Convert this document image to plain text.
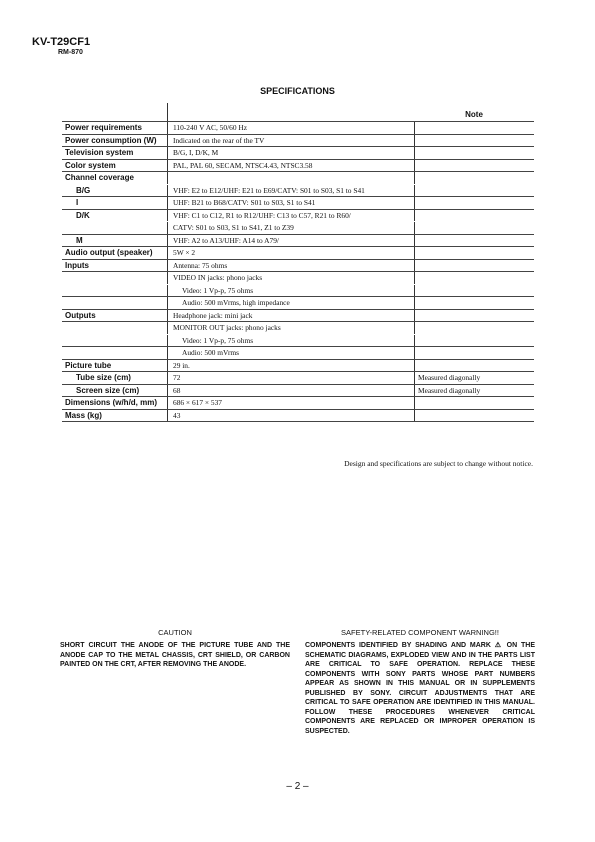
KV-T29CF1
RM-870
SPECIFICATIONS
Note
Power requirements	110-240 V AC, 50/60 Hz
Power consumption (W)	Indicated on the rear of the TV
Television system	B/G, I, D/K, M
Color system	PAL, PAL 60, SECAM, NTSC4.43, NTSC3.58
Channel coverage
B/G	VHF: E2 to E12/UHF: E21 to E69/CATV: S01 to S03, S1 to S41
I	UHF: B21 to B68/CATV: S01 to S03, S1 to S41
D/K	VHF: C1 to C12, R1 to R12/UHF: C13 to C57, R21 to R60/
CATV: S01 to S03, S1 to S41, Z1 to Z39
M	VHF: A2 to A13/UHF: A14 to A79/
Audio output (speaker)	5W × 2
Inputs	Antenna: 75 ohms
VIDEO IN jacks: phono jacks
Video: 1 Vp-p, 75 ohms
Audio: 500 mVrms, high impedance
Outputs	Headphone jack: mini jack
MONITOR OUT jacks: phono jacks
Video: 1 Vp-p, 75 ohms
Audio: 500 mVrms
Picture tube	29 in.
Tube size (cm)	72	Measured diagonally
Screen size (cm)	68	Measured diagonally
Dimensions (w/h/d, mm)	686 × 617 × 537
Mass (kg)	43
Design and specifications are subject to change without notice.
CAUTION
SHORT CIRCUIT THE ANODE OF THE PICTURE TUBE AND THE ANODE CAP TO THE METAL CHASSIS, CRT SHIELD, OR CARBON PAINTED ON THE CRT, AFTER REMOVING THE ANODE.
SAFETY-RELATED COMPONENT WARNING!!
COMPONENTS IDENTIFIED BY SHADING AND MARK ⚠ ON THE SCHEMATIC DIAGRAMS, EXPLODED VIEW AND IN THE PARTS LIST ARE CRITICAL TO SAFE OPERATION. REPLACE THESE COMPONENTS WITH SONY PARTS WHOSE PART NUMBERS APPEAR AS SHOWN IN THIS MANUAL OR IN SUPPLEMENTS PUBLISHED BY SONY. CIRCUIT ADJUSTMENTS THAT ARE CRITICAL TO SAFE OPERATION ARE IDENTIFIED IN THIS MANUAL. FOLLOW THESE PROCEDURES WHENEVER CRITICAL COMPONENTS ARE REPLACED OR IMPROPER OPERATION IS SUSPECTED.
– 2 –
